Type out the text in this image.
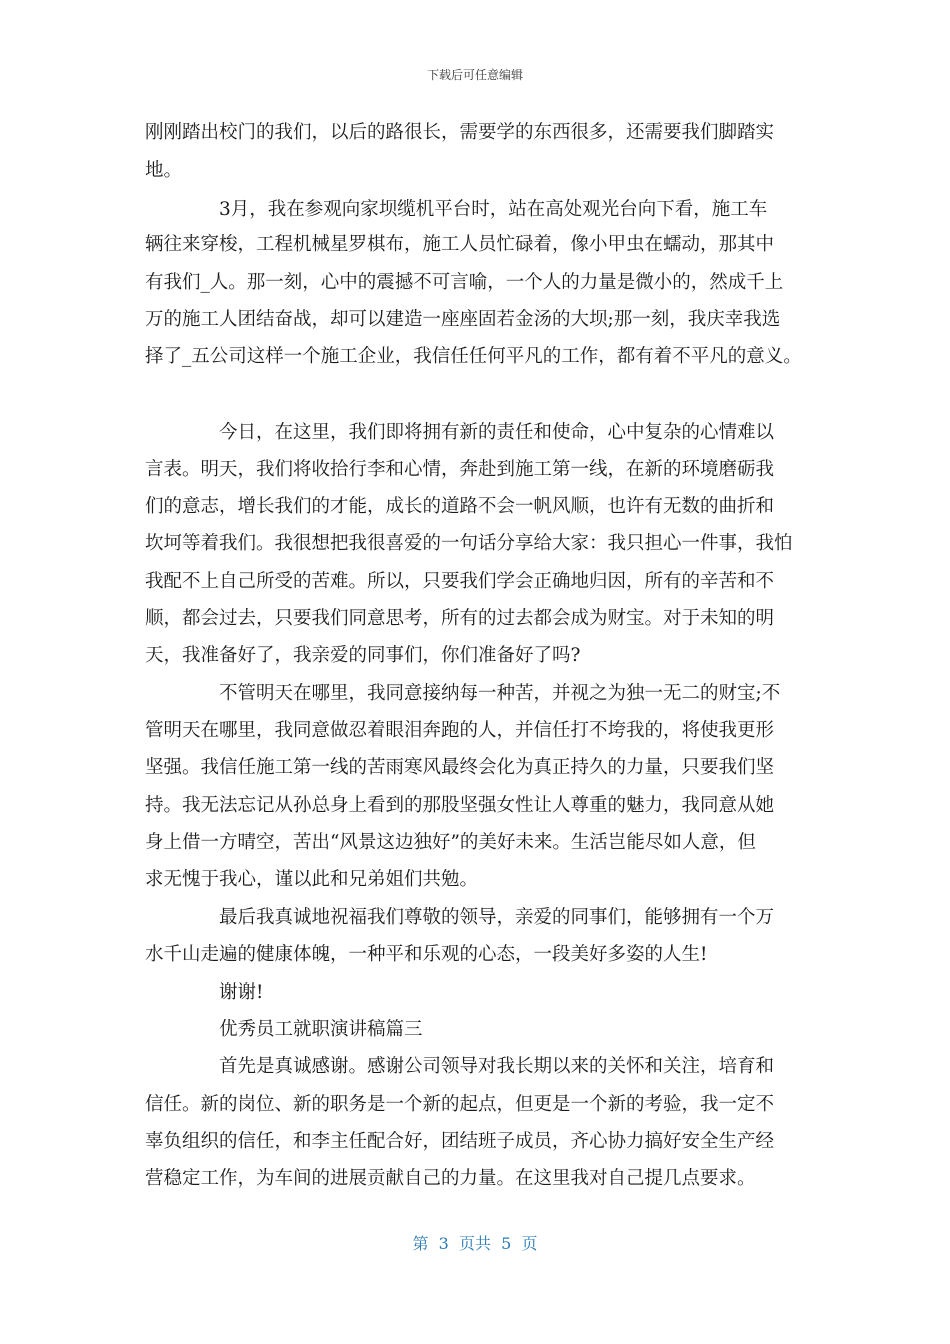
下载后可任意编辑
刚刚踏出校门的我们，以后的路很长，需要学的东西很多，还需要我们脚踏实
地。
3月，我在参观向家坝缆机平台时，站在高处观光台向下看，施工车
辆往来穿梭，工程机械星罗棋布，施工人员忙碌着，像小甲虫在蠕动，那其中
有我们_人。那一刻，心中的震撼不可言喻，一个人的力量是微小的，然成千上
万的施工人团结奋战，却可以建造一座座固若金汤的大坝;那一刻，我庆幸我选
择了_五公司这样一个施工企业，我信任任何平凡的工作，都有着不平凡的意义。
今日，在这里，我们即将拥有新的责任和使命，心中复杂的心情难以
言表。明天，我们将收拾行李和心情，奔赴到施工第一线，在新的环境磨砺我
们的意志，增长我们的才能，成长的道路不会一帆风顺，也许有无数的曲折和
坎坷等着我们。我很想把我很喜爱的一句话分享给大家：我只担心一件事，我怕
我配不上自己所受的苦难。所以，只要我们学会正确地归因，所有的辛苦和不
顺，都会过去，只要我们同意思考，所有的过去都会成为财宝。对于未知的明
天，我准备好了，我亲爱的同事们，你们准备好了吗?
不管明天在哪里，我同意接纳每一种苦，并视之为独一无二的财宝;不
管明天在哪里，我同意做忍着眼泪奔跑的人，并信任打不垮我的，将使我更形
坚强。我信任施工第一线的苦雨寒风最终会化为真正持久的力量，只要我们坚
持。我无法忘记从孙总身上看到的那股坚强女性让人尊重的魅力，我同意从她
身上借一方晴空，苦出“风景这边独好”的美好未来。生活岂能尽如人意，但
求无愧于我心，谨以此和兄弟姐们共勉。
最后我真诚地祝福我们尊敬的领导，亲爱的同事们，能够拥有一个万
水千山走遍的健康体魄，一种平和乐观的心态，一段美好多姿的人生!
谢谢!
优秀员工就职演讲稿篇三
首先是真诚感谢。感谢公司领导对我长期以来的关怀和关注，培育和
信任。新的岗位、新的职务是一个新的起点，但更是一个新的考验，我一定不
辜负组织的信任，和李主任配合好，团结班子成员，齐心协力搞好安全生产经
营稳定工作，为车间的进展贡献自己的力量。在这里我对自己提几点要求。
第  3  页共  5  页
